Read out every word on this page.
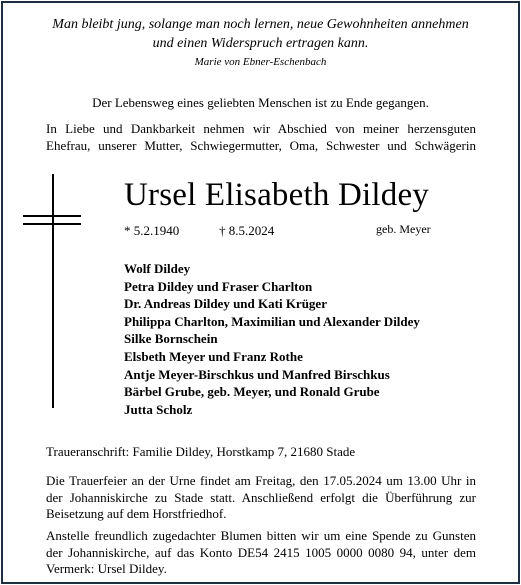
Man bleibt jung, solange man noch lernen, neue Gewohnheiten annehmen
und einen Widerspruch ertragen kann.
Marie von Ebner-Eschenbach
Der Lebensweg eines geliebten Menschen ist zu Ende gegangen.
In Liebe und Dankbarkeit nehmen wir Abschied von meiner herzensguten
Ehefrau, unserer Mutter, Schwiegermutter, Oma, Schwester und Schwägerin
Ursel Elisabeth Dildey
* 5.2.1940	† 8.5.2024	geb. Meyer
Wolf Dildey
Petra Dildey und Fraser Charlton
Dr. Andreas Dildey und Kati Krüger
Philippa Charlton, Maximilian und Alexander Dildey
Silke Bornschein
Elsbeth Meyer und Franz Rothe
Antje Meyer-Birschkus und Manfred Birschkus
Bärbel Grube, geb. Meyer, und Ronald Grube
Jutta Scholz
Traueranschrift: Familie Dildey, Horstkamp 7, 21680 Stade
Die Trauerfeier an der Urne findet am Freitag, den 17.05.2024 um 13.00 Uhr in der Johanniskirche zu Stade statt. Anschließend erfolgt die Überführung zur Beisetzung auf dem Horstfriedhof.
Anstelle freundlich zugedachter Blumen bitten wir um eine Spende zu Gunsten der Johanniskirche, auf das Konto DE54 2415 1005 0000 0080 94, unter dem Vermerk: Ursel Dildey.
